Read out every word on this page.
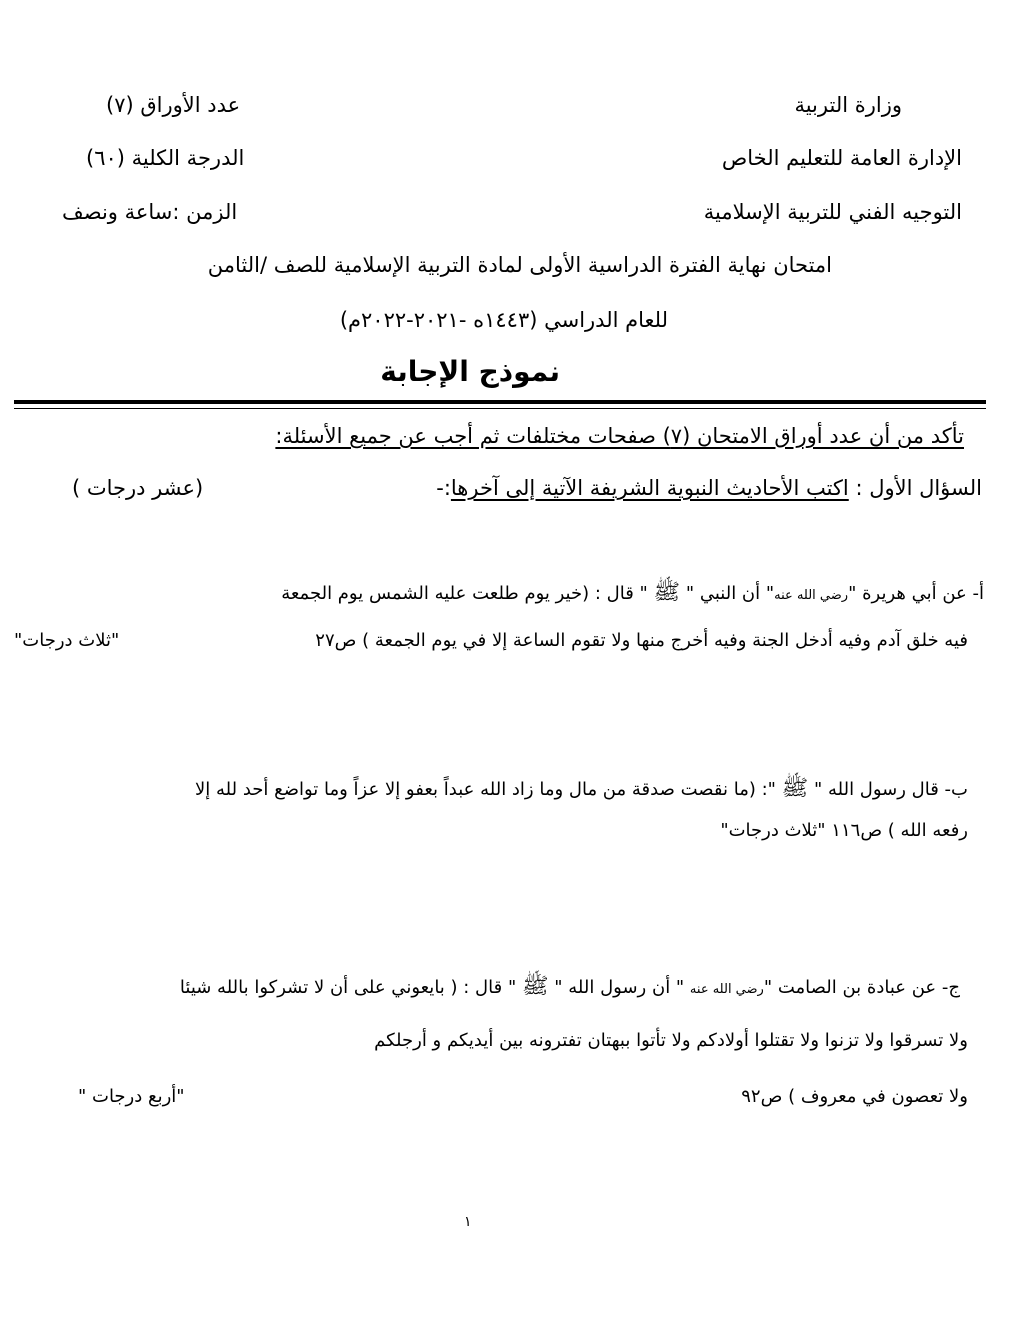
وزارة التربية
الإدارة العامة للتعليم الخاص
التوجيه الفني للتربية الإسلامية
عدد الأوراق (٧)
الدرجة الكلية (٦٠)
الزمن :ساعة ونصف
امتحان نهاية الفترة الدراسية الأولى لمادة التربية الإسلامية للصف /الثامن
للعام الدراسي (١٤٤٣ه -٢٠٢١-٢٠٢٢م)
نموذج الإجابة
تأكد من أن عدد أوراق الامتحان (٧) صفحات مختلفات ثم أجب عن جميع الأسئلة:
السؤال الأول : اكتب الأحاديث النبوية الشريفة الآتية إلى آخرها:-
(عشر درجات )
أ- عن أبي هريرة "رضي الله عنه" أن النبي " ﷺ " قال : (خير يوم طلعت عليه الشمس يوم الجمعة
فيه خلق آدم وفيه أدخل الجنة وفيه أخرج منها ولا تقوم الساعة إلا في يوم الجمعة ) ص٢٧
"ثلاث درجات"
ب- قال رسول الله " ﷺ ": (ما نقصت صدقة من مال وما زاد الله عبداً بعفو إلا عزاً وما تواضع أحد لله إلا
رفعه الله ) ص١١٦ "ثلاث درجات"
ج- عن عبادة بن الصامت "رضي الله عنه " أن رسول الله " ﷺ " قال : ( بايعوني على أن لا تشركوا بالله شيئا
ولا تسرقوا ولا تزنوا ولا تقتلوا أولادكم ولا تأتوا ببهتان تفترونه بين أيديكم و أرجلكم
ولا تعصون في معروف ) ص٩٢
"أربع درجات "
١
